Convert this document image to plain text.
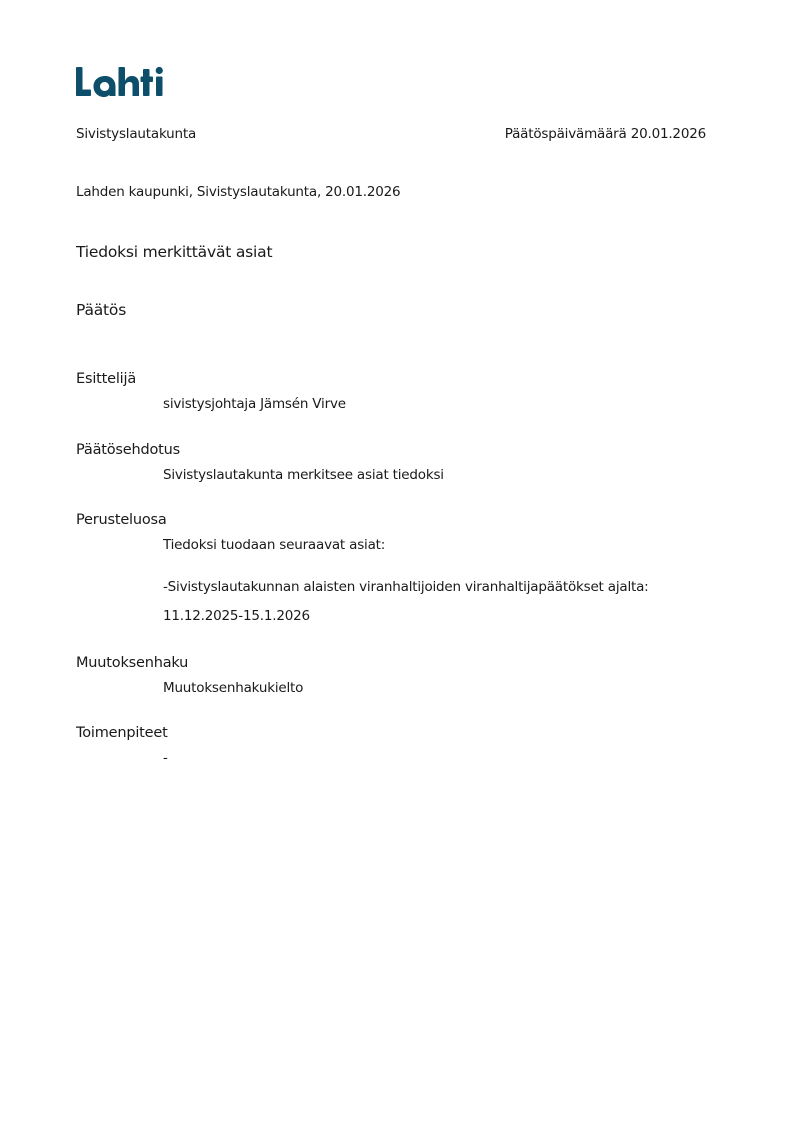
Sivistyslautakunta	Päätöspäivämäärä 20.01.2026
Lahden kaupunki, Sivistyslautakunta, 20.01.2026
Tiedoksi merkittävät asiat
Päätös
Esittelijä

sivistysjohtaja Jämsén Virve

Päätösehdotus

Sivistyslautakunta merkitsee asiat tiedoksi

Perusteluosa

Tiedoksi tuodaan seuraavat asiat:

-Sivistyslautakunnan alaisten viranhaltijoiden viranhaltijapäätökset ajalta:

11.12.2025-15.1.2026

Muutoksenhaku

Muutoksenhakukielto

Toimenpiteet

-
